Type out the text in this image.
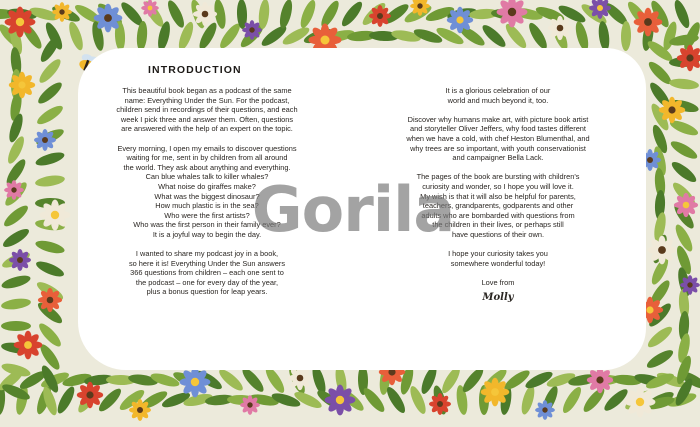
INTRODUCTION

This beautiful book began as a podcast of the same
name: Everything Under the Sun. For the podcast,
children send in recordings of their questions, and each
week I pick three and answer them. Often, questions
are answered with the help of an expert on the topic.

Every morning, I open my emails to discover questions
waiting for me, sent in by children from all around
the world. They ask about anything and everything.
Can blue whales talk to killer whales?
What noise do giraffes make?
What was the biggest dinosaur?
How much plastic is in the sea?
Who were the first artists?
Who was the first person in their family ever?
It is a joyful way to begin the day.

I wanted to share my podcast joy in a book,
so here it is! Everything Under the Sun answers
366 questions from children – each one sent to
the podcast – one for every day of the year,
plus a bonus question for leap years.

It is a glorious celebration of our
world and much beyond it, too.

Discover why humans make art, with picture book artist
and storyteller Oliver Jeffers, why food tastes different
when we have a cold, with chef Heston Blumenthal, and
why trees are so important, with youth conservationist
and campaigner Bella Lack.

The pages of the book are bursting with children's
curiosity and wonder, so I hope you will love it.
My wish is that it will also be helpful for parents,
teachers, grandparents, godparents and other
adults who are bombarded with questions from
the children in their lives, or perhaps still
have questions of their own.

I hope your curiosity takes you
somewhere wonderful today!

Love from
Molly

Gorila
